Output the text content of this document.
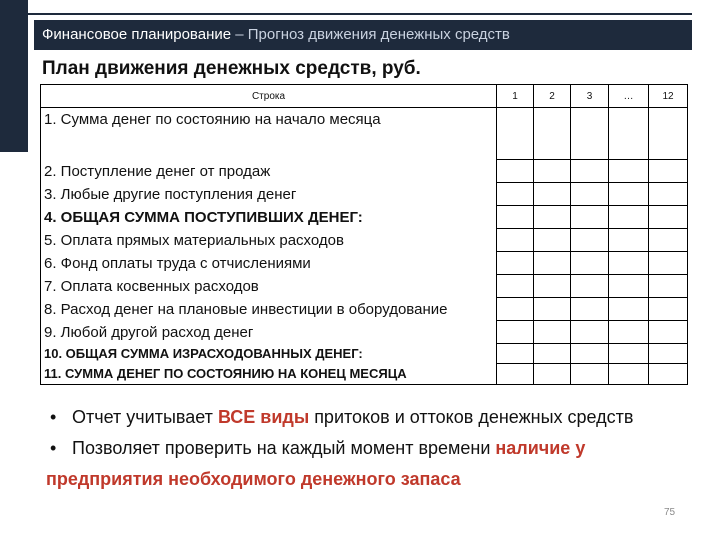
Финансовое планирование – Прогноз движения денежных средств
План движения денежных средств, руб.
Строка	1	2	3	…	12
1. Сумма денег по состоянию на начало месяца					
2. Поступление денег от продаж					
3. Любые другие поступления денег					
4. ОБЩАЯ СУММА ПОСТУПИВШИХ ДЕНЕГ:					
5. Оплата прямых материальных расходов					
6. Фонд оплаты труда с отчислениями					
7. Оплата косвенных расходов					
8. Расход денег на плановые инвестиции в оборудование					
9. Любой другой расход денег					
10. ОБЩАЯ СУММА ИЗРАСХОДОВАННЫХ ДЕНЕГ:					
11. СУММА ДЕНЕГ ПО СОСТОЯНИЮ НА КОНЕЦ МЕСЯЦА					
• Отчет учитывает ВСЕ виды притоков и оттоков денежных средств
• Позволяет проверить на каждый момент времени наличие у предприятия необходимого денежного запаса
75
